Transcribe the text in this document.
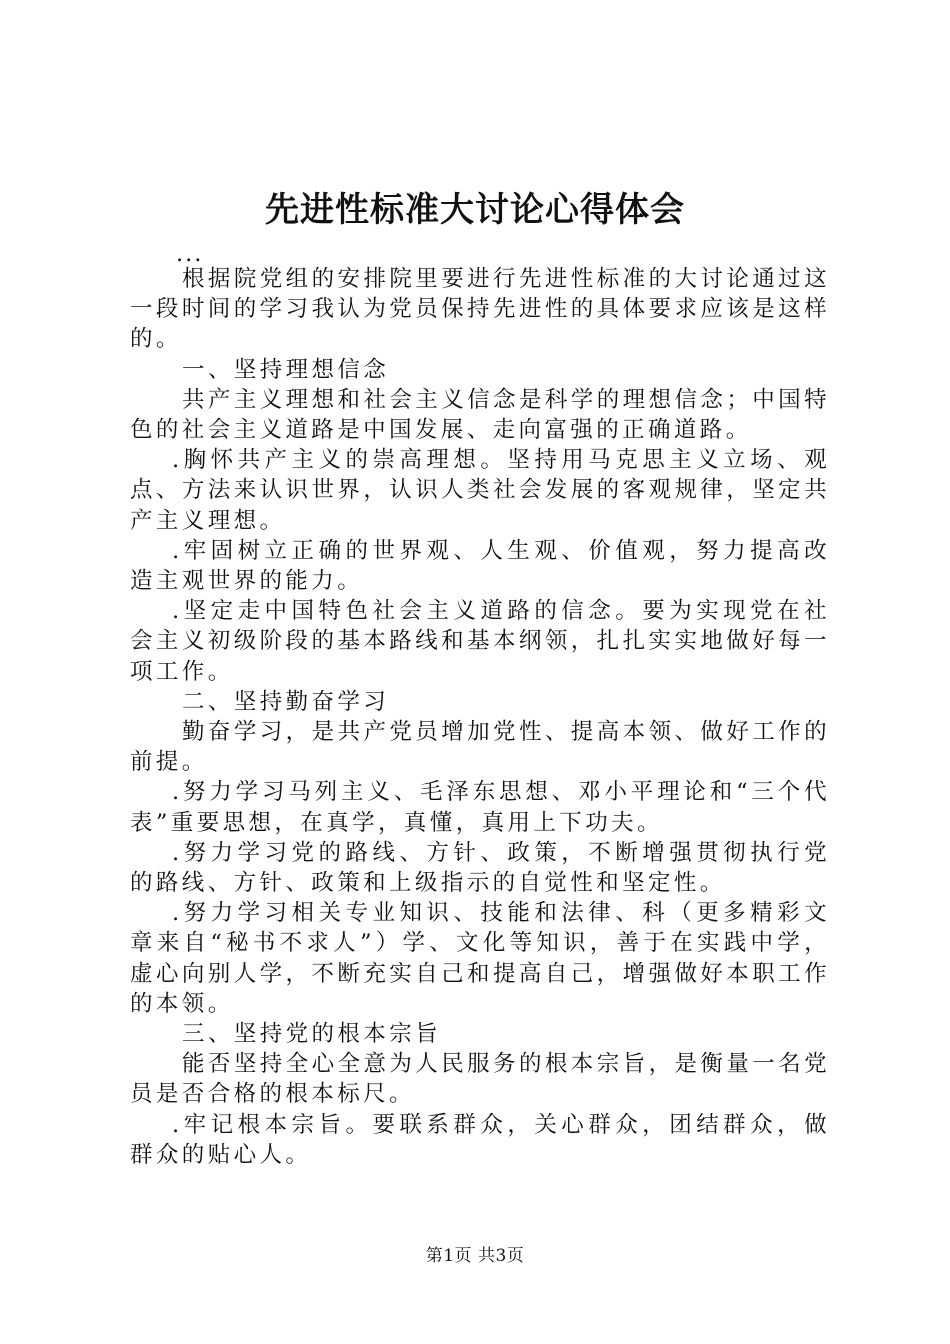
先进性标准大讨论心得体会

...

根据院党组的安排院里要进行先进性标准的大讨论通过这一段时间的学习我认为党员保持先进性的具体要求应该是这样的。

一、坚持理想信念

共产主义理想和社会主义信念是科学的理想信念；中国特色的社会主义道路是中国发展、走向富强的正确道路。

.胸怀共产主义的崇高理想。坚持用马克思主义立场、观点、方法来认识世界，认识人类社会发展的客观规律，坚定共产主义理想。

.牢固树立正确的世界观、人生观、价值观，努力提高改造主观世界的能力。

.坚定走中国特色社会主义道路的信念。要为实现党在社会主义初级阶段的基本路线和基本纲领，扎扎实实地做好每一项工作。

二、坚持勤奋学习

勤奋学习，是共产党员增加党性、提高本领、做好工作的前提。

.努力学习马列主义、毛泽东思想、邓小平理论和“三个代表”重要思想，在真学，真懂，真用上下功夫。

.努力学习党的路线、方针、政策，不断增强贯彻执行党的路线、方针、政策和上级指示的自觉性和坚定性。

.努力学习相关专业知识、技能和法律、科（更多精彩文章来自“秘书不求人”）学、文化等知识，善于在实践中学，虚心向别人学，不断充实自己和提高自己，增强做好本职工作的本领。

三、坚持党的根本宗旨

能否坚持全心全意为人民服务的根本宗旨，是衡量一名党员是否合格的根本标尺。

.牢记根本宗旨。要联系群众，关心群众，团结群众，做群众的贴心人。

第1页 共3页
